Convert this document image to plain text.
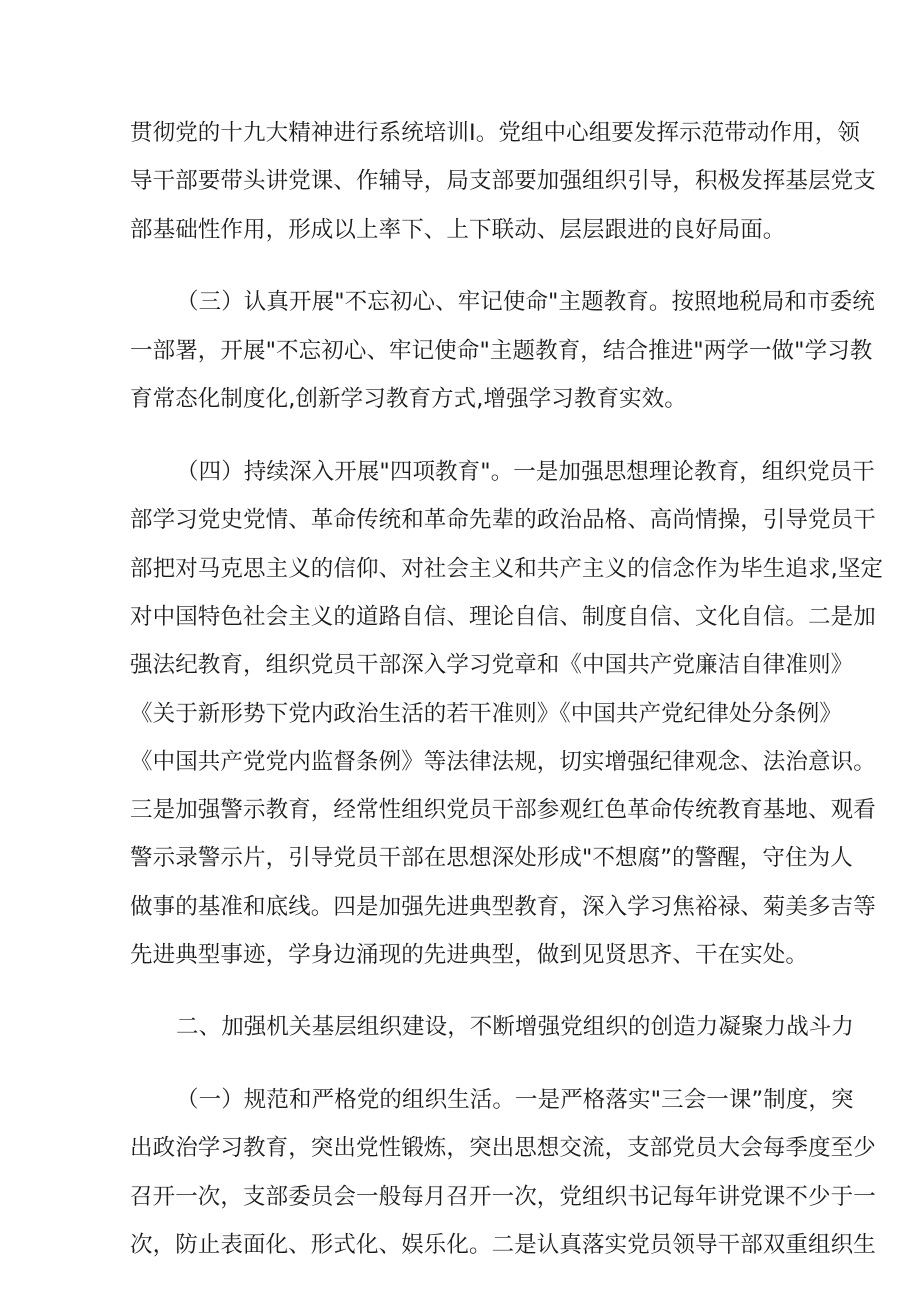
贯彻党的十九大精神进行系统培训I。党组中心组要发挥示范带动作用，领
导干部要带头讲党课、作辅导，局支部要加强组织引导，积极发挥基层党支
部基础性作用，形成以上率下、上下联动、层层跟进的良好局面。
（三）认真开展"不忘初心、牢记使命"主题教育。按照地税局和市委统
一部署，开展"不忘初心、牢记使命"主题教育，结合推进"两学一做"学习教
育常态化制度化,创新学习教育方式,增强学习教育实效。
（四）持续深入开展"四项教育"。一是加强思想理论教育，组织党员干
部学习党史党情、革命传统和革命先辈的政治品格、高尚情操，引导党员干
部把对马克思主义的信仰、对社会主义和共产主义的信念作为毕生追求,坚定
对中国特色社会主义的道路自信、理论自信、制度自信、文化自信。二是加
强法纪教育，组织党员干部深入学习党章和《中国共产党廉洁自律准则》
《关于新形势下党内政治生活的若干准则》《中国共产党纪律处分条例》
《中国共产党党内监督条例》等法律法规，切实增强纪律观念、法治意识。
三是加强警示教育，经常性组织党员干部参观红色革命传统教育基地、观看
警示录警示片，引导党员干部在思想深处形成"不想腐”的警醒，守住为人
做事的基准和底线。四是加强先进典型教育，深入学习焦裕禄、菊美多吉等
先进典型事迹，学身边涌现的先进典型，做到见贤思齐、干在实处。
二、加强机关基层组织建设，不断增强党组织的创造力凝聚力战斗力
（一）规范和严格党的组织生活。一是严格落实"三会一课”制度，突
出政治学习教育，突出党性锻炼，突出思想交流，支部党员大会每季度至少
召开一次，支部委员会一般每月召开一次，党组织书记每年讲党课不少于一
次，防止表面化、形式化、娱乐化。二是认真落实党员领导干部双重组织生
